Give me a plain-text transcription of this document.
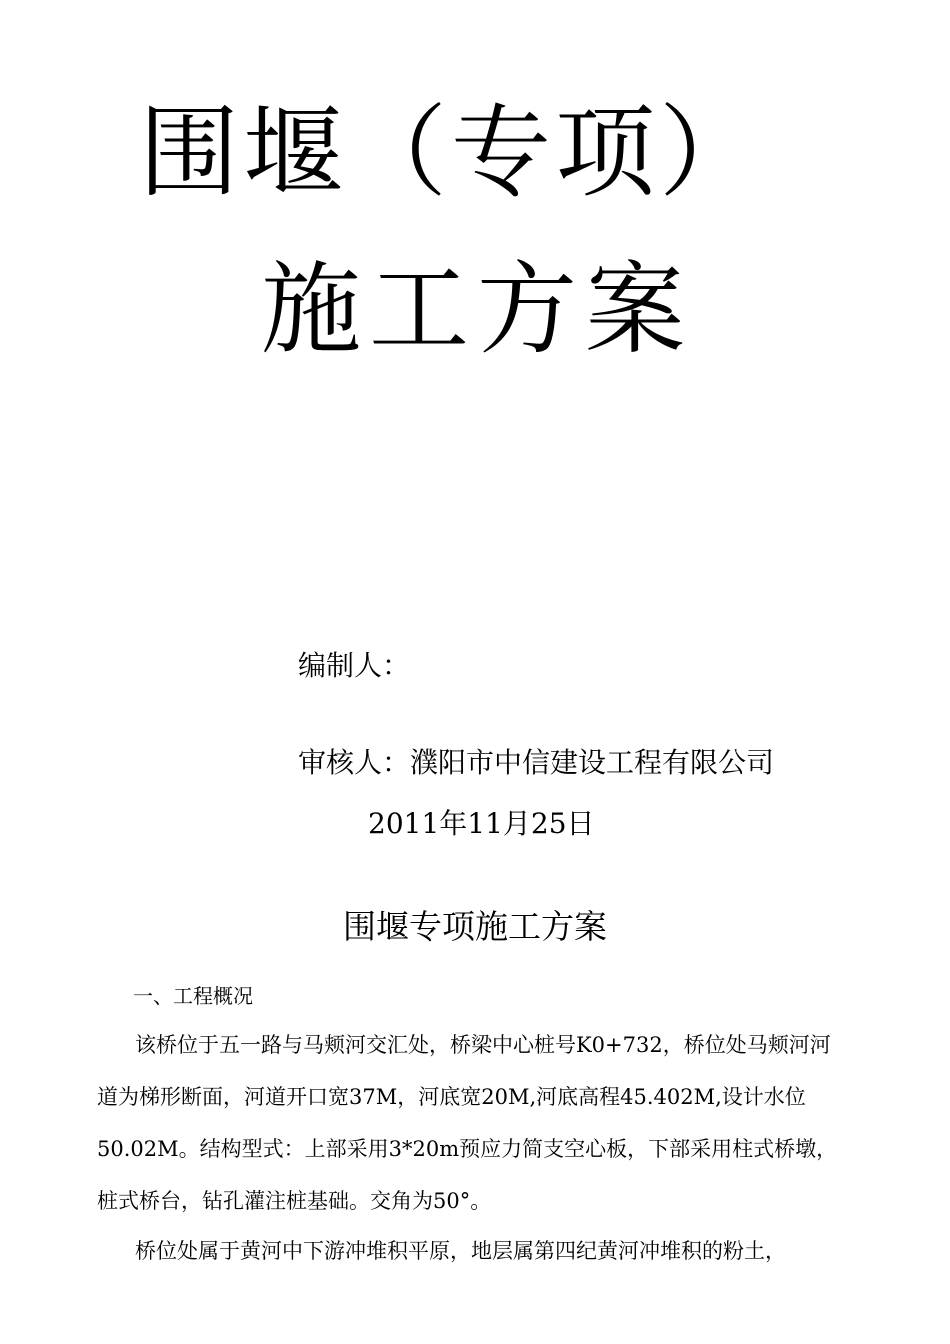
围堰（专项）
施工方案
编制人：
审核人：濮阳市中信建设工程有限公司
2011年11月25日
围堰专项施工方案
一、工程概况

该桥位于五一路与马颊河交汇处，桥梁中心桩号K0+732，桥位处马颊河河道为梯形断面，河道开口宽37M，河底宽20M,河底高程45.402M,设计水位50.02M。结构型式：上部采用3*20m预应力简支空心板，下部采用柱式桥墩，桩式桥台，钻孔灌注桩基础。交角为50°。

桥位处属于黄河中下游冲堆积平原，地层属第四纪黄河冲堆积的粉土，
